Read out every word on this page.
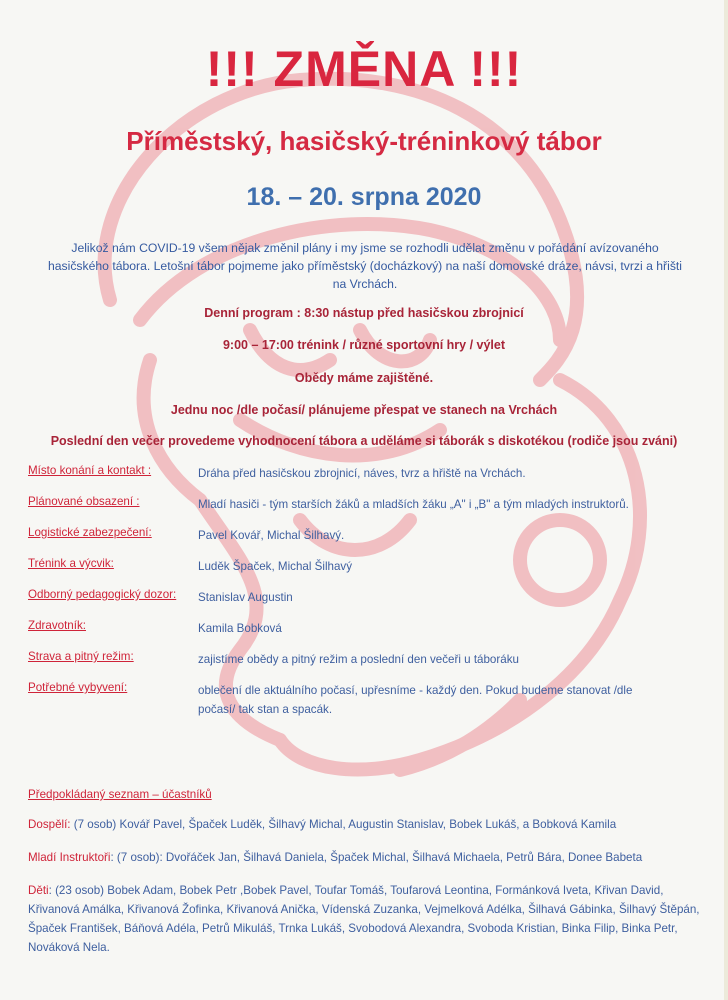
!!! ZMĚNA !!!
Příměstský, hasičský-tréninkový tábor
18. – 20. srpna 2020
Jelikož nám COVID-19 všem nějak změnil plány i my jsme se rozhodli udělat změnu v pořádání avízovaného hasičského tábora. Letošní tábor pojmeme jako příměstský (docházkový) na naší domovské dráze, návsi, tvrzi a hřišti na Vrchách.
Denní program : 8:30 nástup před hasičskou zbrojnicí
9:00 – 17:00 trénink / různé sportovní hry / výlet
Obědy máme zajištěné.
Jednu noc /dle počasí/ plánujeme přespat ve stanech na Vrchách
Poslední den večer provedeme vyhodnocení tábora a uděláme si táborák s diskotékou (rodiče jsou zváni)
Místo konání a kontakt :	Dráha před hasičskou zbrojnicí, náves, tvrz a hřiště na Vrchách.
Plánované obsazení :	Mladí hasiči - tým starších žáků a mladších žáku „A" i „B" a tým mladých instruktorů.
Logistické zabezpečení:	Pavel Kovář, Michal Šilhavý.
Trénink a výcvik:	Luděk Špaček, Michal Šilhavý
Odborný pedagogický dozor:	Stanislav Augustin
Zdravotník:	Kamila Bobková
Strava a pitný režim:	zajistíme obědy a pitný režim a poslední den večeři u táboráku
Potřebné vybyvení:	oblečení dle aktuálního počasí, upřesníme - každý den. Pokud budeme stanovat /dle počasí/ tak stan a spacák.
Předpokládaný seznam – účastníků
Dospělí: (7 osob) Kovář Pavel, Špaček Luděk, Šilhavý Michal, Augustin Stanislav, Bobek Lukáš, a Bobková Kamila
Mladí Instruktoři: (7 osob): Dvořáček Jan, Šilhavá Daniela, Špaček Michal, Šilhavá Michaela, Petrů Bára, Donee Babeta
Děti: (23 osob) Bobek Adam, Bobek Petr ,Bobek Pavel, Toufar Tomáš, Toufarová Leontina, Formánková Iveta, Křivan David, Křivanová Amálka, Křivanová Žofinka, Křivanová Anička, Vídenská Zuzanka, Vejmelková Adélka, Šilhavá Gábinka, Šilhavý Štěpán, Špaček František, Báňová Adéla, Petrů Mikuláš, Trnka Lukáš, Svobodová Alexandra, Svoboda Kristian, Binka Filip, Binka Petr, Nováková Nela.
